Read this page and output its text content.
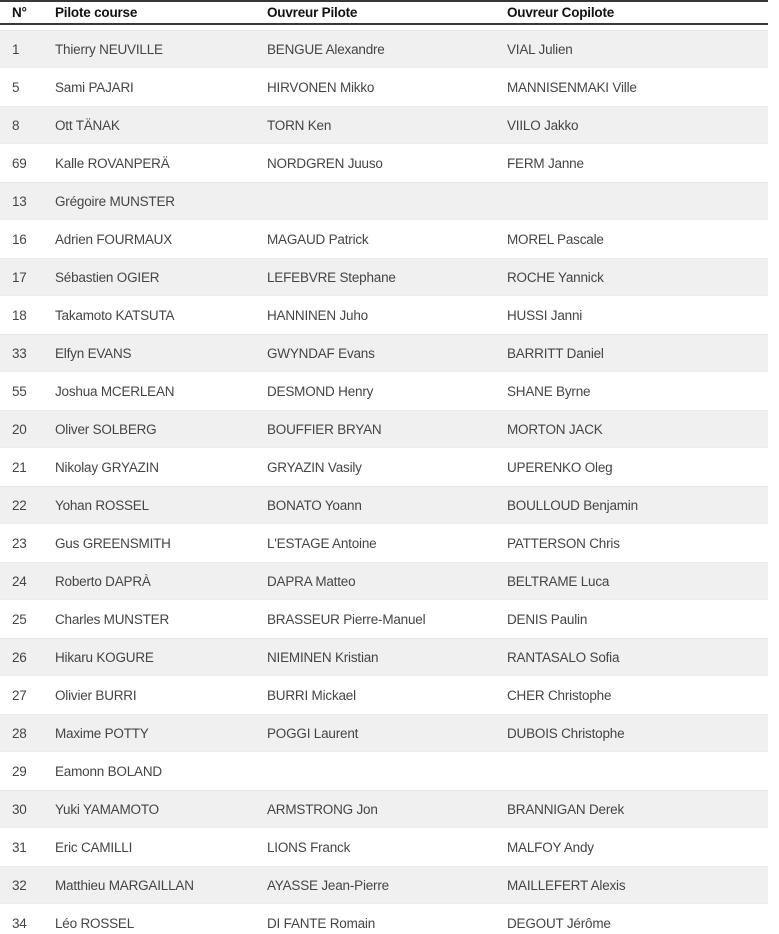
N°	Pilote course	Ouvreur Pilote	Ouvreur Copilote
1	Thierry NEUVILLE	BENGUE Alexandre	VIAL Julien
5	Sami PAJARI	HIRVONEN Mikko	MANNISENMAKI Ville
8	Ott TÄNAK	TORN Ken	VIILO Jakko
69	Kalle ROVANPERÄ	NORDGREN Juuso	FERM Janne
13	Grégoire MUNSTER
16	Adrien FOURMAUX	MAGAUD Patrick	MOREL Pascale
17	Sébastien OGIER	LEFEBVRE Stephane	ROCHE Yannick
18	Takamoto KATSUTA	HANNINEN Juho	HUSSI Janni
33	Elfyn EVANS	GWYNDAF Evans	BARRITT Daniel
55	Joshua MCERLEAN	DESMOND Henry	SHANE Byrne
20	Oliver SOLBERG	BOUFFIER BRYAN	MORTON JACK
21	Nikolay GRYAZIN	GRYAZIN Vasily	UPERENKO Oleg
22	Yohan ROSSEL	BONATO Yoann	BOULLOUD Benjamin
23	Gus GREENSMITH	L'ESTAGE Antoine	PATTERSON Chris
24	Roberto DAPRÀ	DAPRA Matteo	BELTRAME Luca
25	Charles MUNSTER	BRASSEUR Pierre-Manuel	DENIS Paulin
26	Hikaru KOGURE	NIEMINEN Kristian	RANTASALO Sofia
27	Olivier BURRI	BURRI Mickael	CHER Christophe
28	Maxime POTTY	POGGI Laurent	DUBOIS Christophe
29	Eamonn BOLAND
30	Yuki YAMAMOTO	ARMSTRONG Jon	BRANNIGAN Derek
31	Eric CAMILLI	LIONS Franck	MALFOY Andy
32	Matthieu MARGAILLAN	AYASSE Jean-Pierre	MAILLEFERT Alexis
34	Léo ROSSEL	DI FANTE Romain	DEGOUT Jérôme
